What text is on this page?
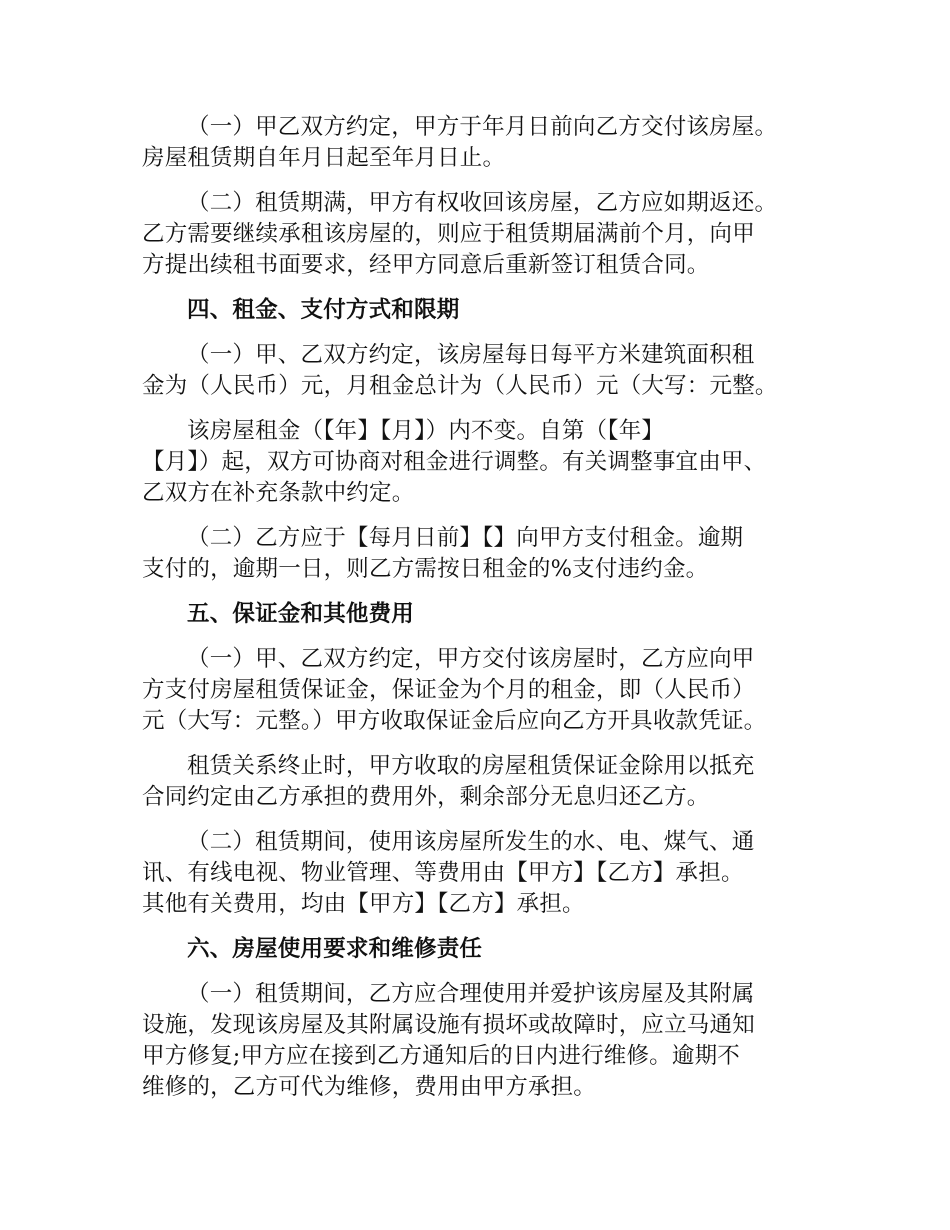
（一）甲乙双方约定，甲方于年月日前向乙方交付该房屋。
房屋租赁期自年月日起至年月日止。

（二）租赁期满，甲方有权收回该房屋，乙方应如期返还。
乙方需要继续承租该房屋的，则应于租赁期届满前个月，向甲
方提出续租书面要求，经甲方同意后重新签订租赁合同。

四、租金、支付方式和限期

（一）甲、乙双方约定，该房屋每日每平方米建筑面积租
金为（人民币）元，月租金总计为（人民币）元（大写：元整。

该房屋租金（【年】【月】）内不变。自第（【年】
【月】）起，双方可协商对租金进行调整。有关调整事宜由甲、
乙双方在补充条款中约定。

（二）乙方应于【每月日前】【】向甲方支付租金。逾期
支付的，逾期一日，则乙方需按日租金的%支付违约金。

五、保证金和其他费用

（一）甲、乙双方约定，甲方交付该房屋时，乙方应向甲
方支付房屋租赁保证金，保证金为个月的租金，即（人民币）
元（大写：元整。）甲方收取保证金后应向乙方开具收款凭证。

租赁关系终止时，甲方收取的房屋租赁保证金除用以抵充
合同约定由乙方承担的费用外，剩余部分无息归还乙方。

（二）租赁期间，使用该房屋所发生的水、电、煤气、通
讯、有线电视、物业管理、等费用由【甲方】【乙方】承担。
其他有关费用，均由【甲方】【乙方】承担。

六、房屋使用要求和维修责任

（一）租赁期间，乙方应合理使用并爱护该房屋及其附属
设施，发现该房屋及其附属设施有损坏或故障时，应立马通知
甲方修复;甲方应在接到乙方通知后的日内进行维修。逾期不
维修的，乙方可代为维修，费用由甲方承担。
